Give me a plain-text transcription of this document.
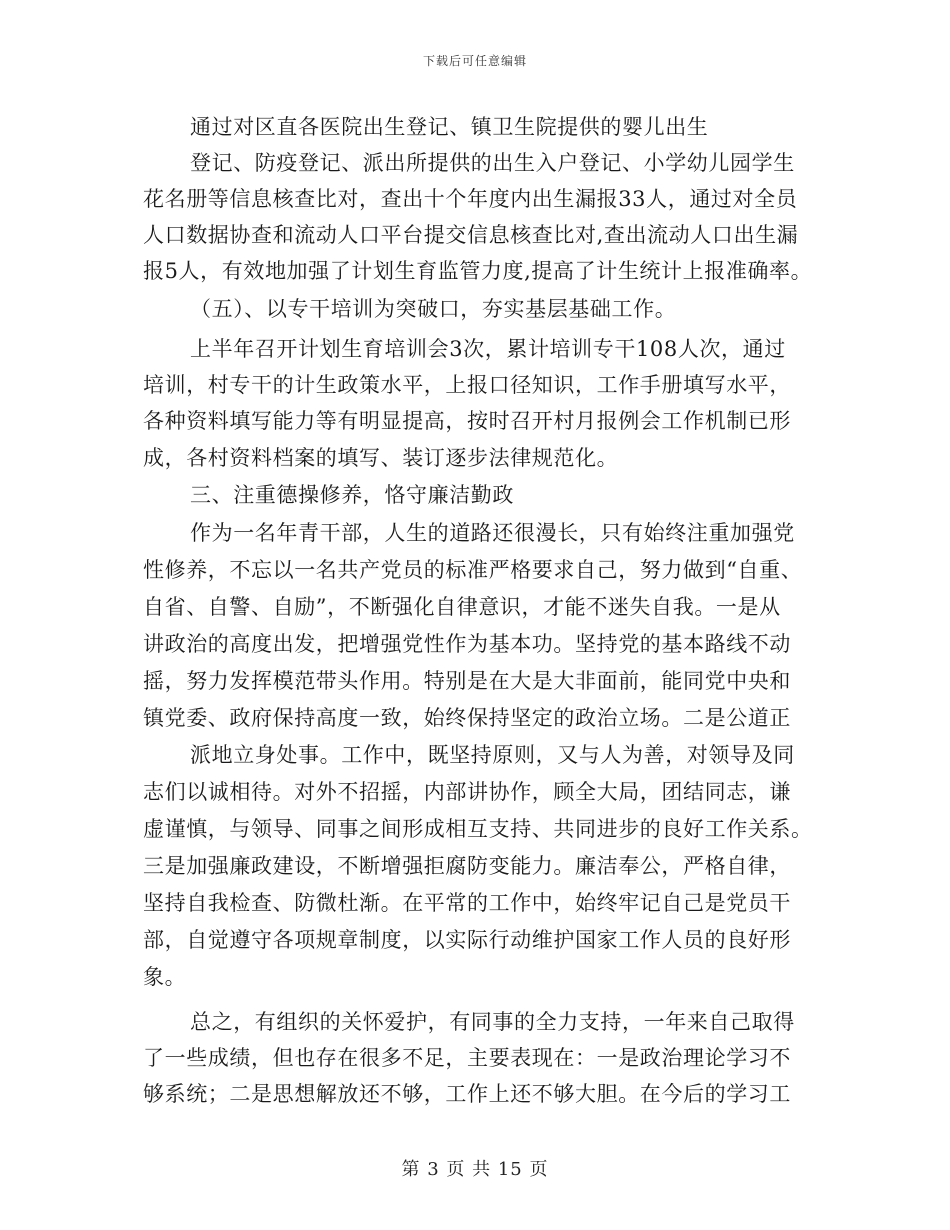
下载后可任意编辑
通过对区直各医院出生登记、镇卫生院提供的婴儿出生
登记、防疫登记、派出所提供的出生入户登记、小学幼儿园学生
花名册等信息核查比对，查出十个年度内出生漏报33人，通过对全员
人口数据协查和流动人口平台提交信息核查比对,查出流动人口出生漏
报5人，有效地加强了计划生育监管力度,提高了计生统计上报准确率。
（五）、以专干培训为突破口，夯实基层基础工作。
上半年召开计划生育培训会3次，累计培训专干108人次，通过
培训，村专干的计生政策水平，上报口径知识，工作手册填写水平，
各种资料填写能力等有明显提高，按时召开村月报例会工作机制已形
成，各村资料档案的填写、装订逐步法律规范化。
三、注重德操修养，恪守廉洁勤政
作为一名年青干部，人生的道路还很漫长，只有始终注重加强党
性修养，不忘以一名共产党员的标准严格要求自己，努力做到“自重、
自省、自警、自励”，不断强化自律意识，才能不迷失自我。一是从
讲政治的高度出发，把增强党性作为基本功。坚持党的基本路线不动
摇，努力发挥模范带头作用。特别是在大是大非面前，能同党中央和
镇党委、政府保持高度一致，始终保持坚定的政治立场。二是公道正
派地立身处事。工作中，既坚持原则，又与人为善，对领导及同
志们以诚相待。对外不招摇，内部讲协作，顾全大局，团结同志，谦
虚谨慎，与领导、同事之间形成相互支持、共同进步的良好工作关系。
三是加强廉政建设，不断增强拒腐防变能力。廉洁奉公，严格自律，
坚持自我检查、防微杜渐。在平常的工作中，始终牢记自己是党员干
部，自觉遵守各项规章制度，以实际行动维护国家工作人员的良好形
象。
总之，有组织的关怀爱护，有同事的全力支持，一年来自己取得
了一些成绩，但也存在很多不足，主要表现在：一是政治理论学习不
够系统；二是思想解放还不够，工作上还不够大胆。在今后的学习工
第 3 页 共 15 页
